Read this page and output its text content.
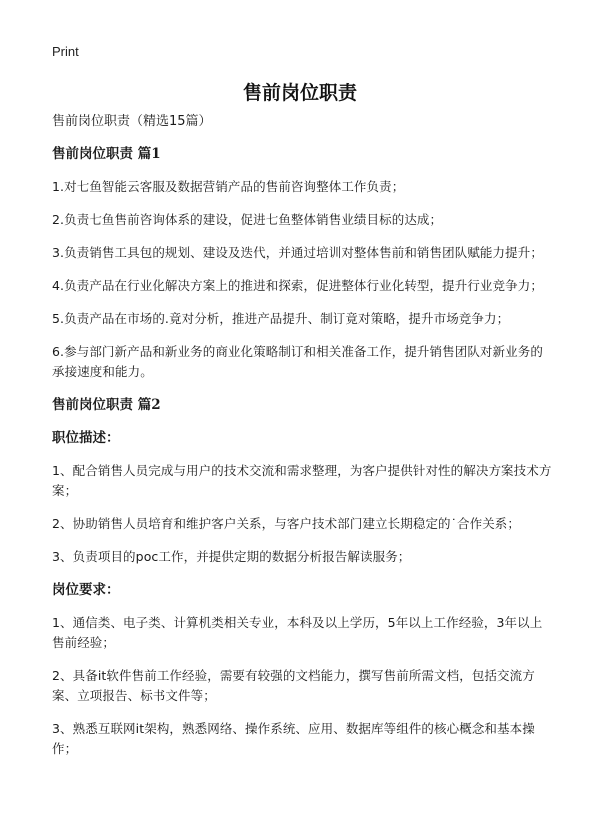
Print
售前岗位职责

售前岗位职责（精选15篇）

售前岗位职责 篇1

1.对七鱼智能云客服及数据营销产品的售前咨询整体工作负责；

2.负责七鱼售前咨询体系的建设，促进七鱼整体销售业绩目标的达成；

3.负责销售工具包的规划、建设及迭代，并通过培训对整体售前和销售团队赋能力提升；

4.负责产品在行业化解决方案上的推进和探索，促进整体行业化转型，提升行业竞争力；

5.负责产品在市场的.竟对分析，推进产品提升、制订竟对策略，提升市场竞争力；

6.参与部门新产品和新业务的商业化策略制订和相关准备工作，提升销售团队对新业务的承接速度和能力。

售前岗位职责 篇2

职位描述：

1、配合销售人员完成与用户的技术交流和需求整理，为客户提供针对性的解决方案技术方案；

2、协助销售人员培育和维护客户关系，与客户技术部门建立长期稳定的˙合作关系；

3、负责项目的poc工作，并提供定期的数据分析报告解读服务；

岗位要求：

1、通信类、电子类、计算机类相关专业，本科及以上学历，5年以上工作经验，3年以上售前经验；

2、具备it软件售前工作经验，需要有较强的文档能力，撰写售前所需文档，包括交流方案、立项报告、标书文件等；

3、熟悉互联网it架构，熟悉网络、操作系统、应用、数据库等组件的核心概念和基本操作；
